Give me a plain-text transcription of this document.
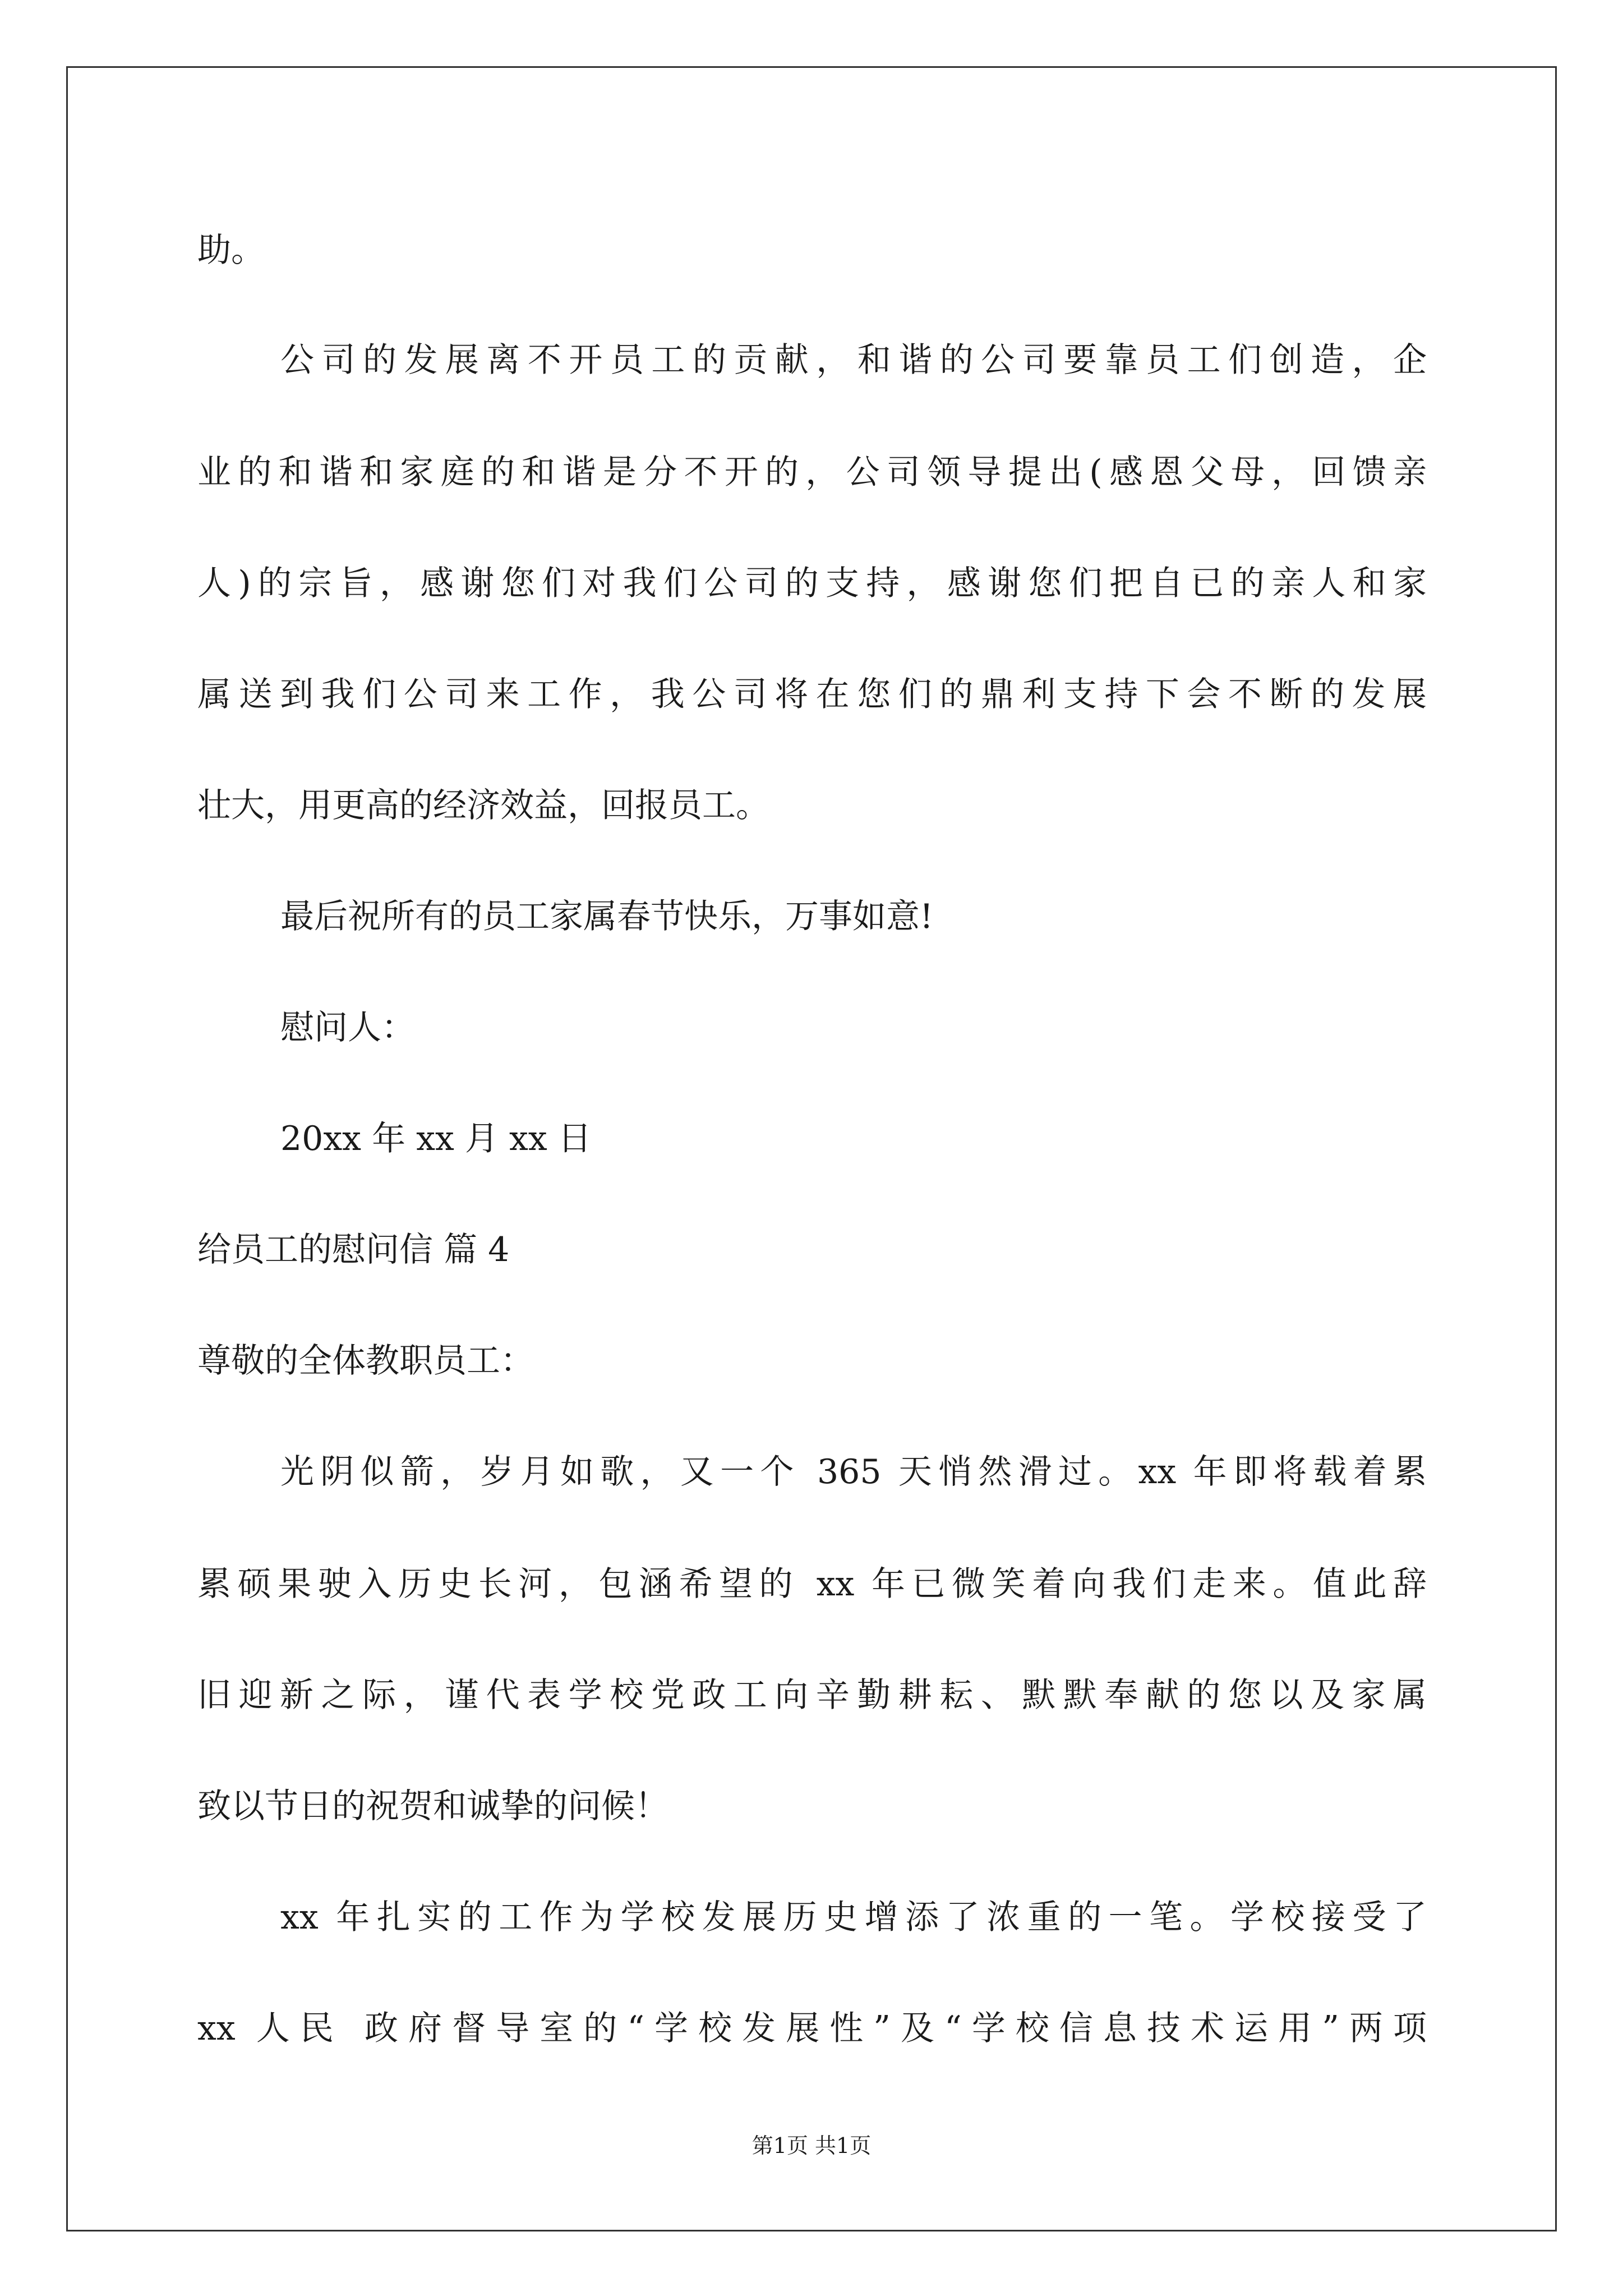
助。
公司的发展离不开员工的贡献，和谐的公司要靠员工们创造，企
业的和谐和家庭的和谐是分不开的，公司领导提出(感恩父母，回馈亲
人)的宗旨，感谢您们对我们公司的支持，感谢您们把自已的亲人和家
属送到我们公司来工作，我公司将在您们的鼎利支持下会不断的发展
壮大，用更高的经济效益，回报员工。
最后祝所有的员工家属春节快乐，万事如意!
慰问人：
20xx 年 xx 月 xx 日
给员工的慰问信 篇 4
尊敬的全体教职员工：
光阴似箭，岁月如歌，又一个 365 天悄然滑过。xx 年即将载着累
累硕果驶入历史长河，包涵希望的 xx 年已微笑着向我们走来。值此辞
旧迎新之际，谨代表学校党政工向辛勤耕耘、默默奉献的您以及家属
致以节日的祝贺和诚挚的问候！
xx 年扎实的工作为学校发展历史增添了浓重的一笔。学校接受了
xx 人民 政府督导室的“学校发展性”及“学校信息技术运用”两项
第1页 共1页
